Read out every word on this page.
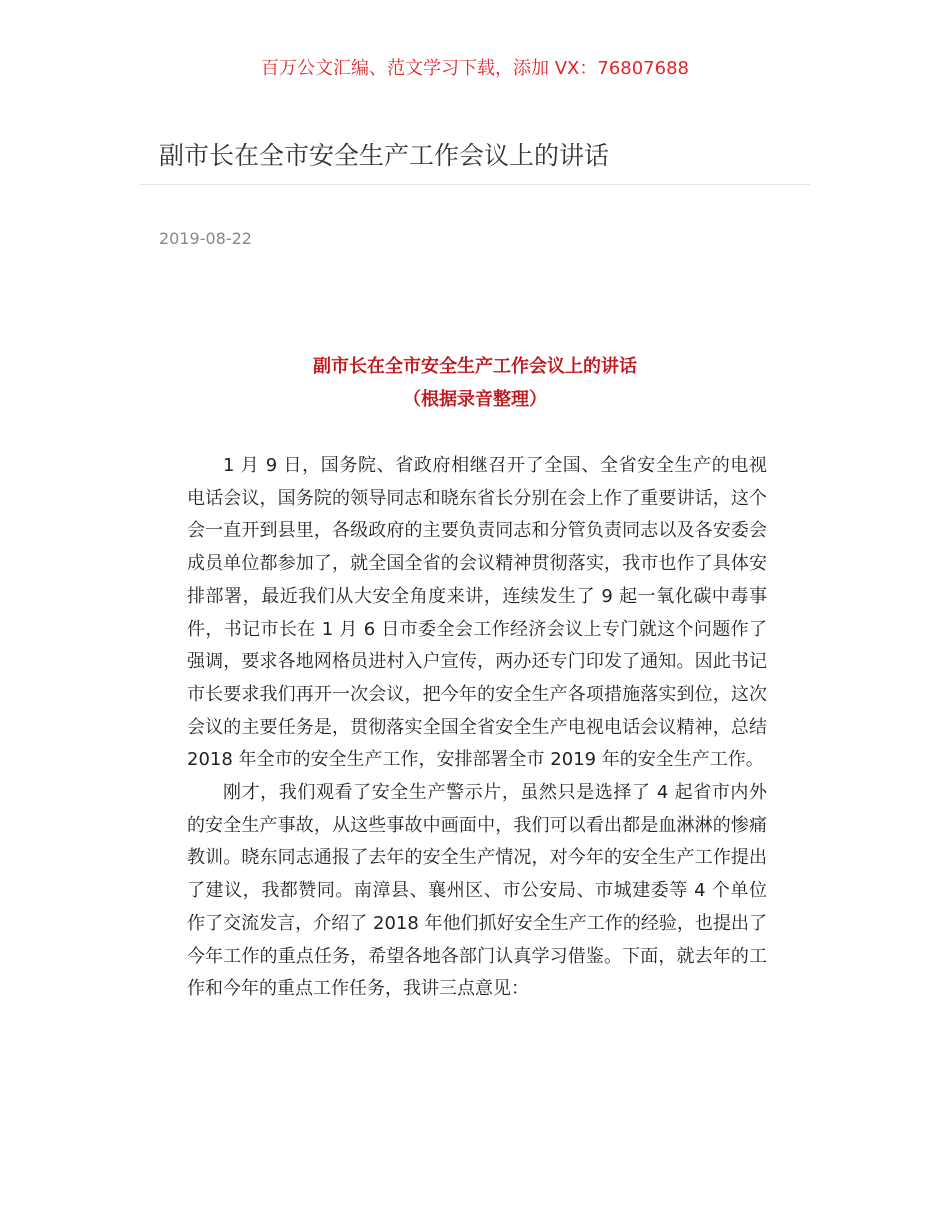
百万公文汇编、范文学习下载，添加 VX：76807688
副市长在全市安全生产工作会议上的讲话
2019-08-22
副市长在全市安全生产工作会议上的讲话
（根据录音整理）

1 月 9 日，国务院、省政府相继召开了全国、全省安全生产的电视电话会议，国务院的领导同志和晓东省长分别在会上作了重要讲话，这个会一直开到县里，各级政府的主要负责同志和分管负责同志以及各安委会成员单位都参加了，就全国全省的会议精神贯彻落实，我市也作了具体安排部署，最近我们从大安全角度来讲，连续发生了 9 起一氧化碳中毒事件，书记市长在 1 月 6 日市委全会工作经济会议上专门就这个问题作了强调，要求各地网格员进村入户宣传，两办还专门印发了通知。因此书记市长要求我们再开一次会议，把今年的安全生产各项措施落实到位，这次会议的主要任务是，贯彻落实全国全省安全生产电视电话会议精神，总结 2018 年全市的安全生产工作，安排部署全市 2019 年的安全生产工作。

刚才，我们观看了安全生产警示片，虽然只是选择了 4 起省市内外的安全生产事故，从这些事故中画面中，我们可以看出都是血淋淋的惨痛教训。晓东同志通报了去年的安全生产情况，对今年的安全生产工作提出了建议，我都赞同。南漳县、襄州区、市公安局、市城建委等 4 个单位作了交流发言，介绍了 2018 年他们抓好安全生产工作的经验，也提出了今年工作的重点任务，希望各地各部门认真学习借鉴。下面，就去年的工作和今年的重点工作任务，我讲三点意见：
